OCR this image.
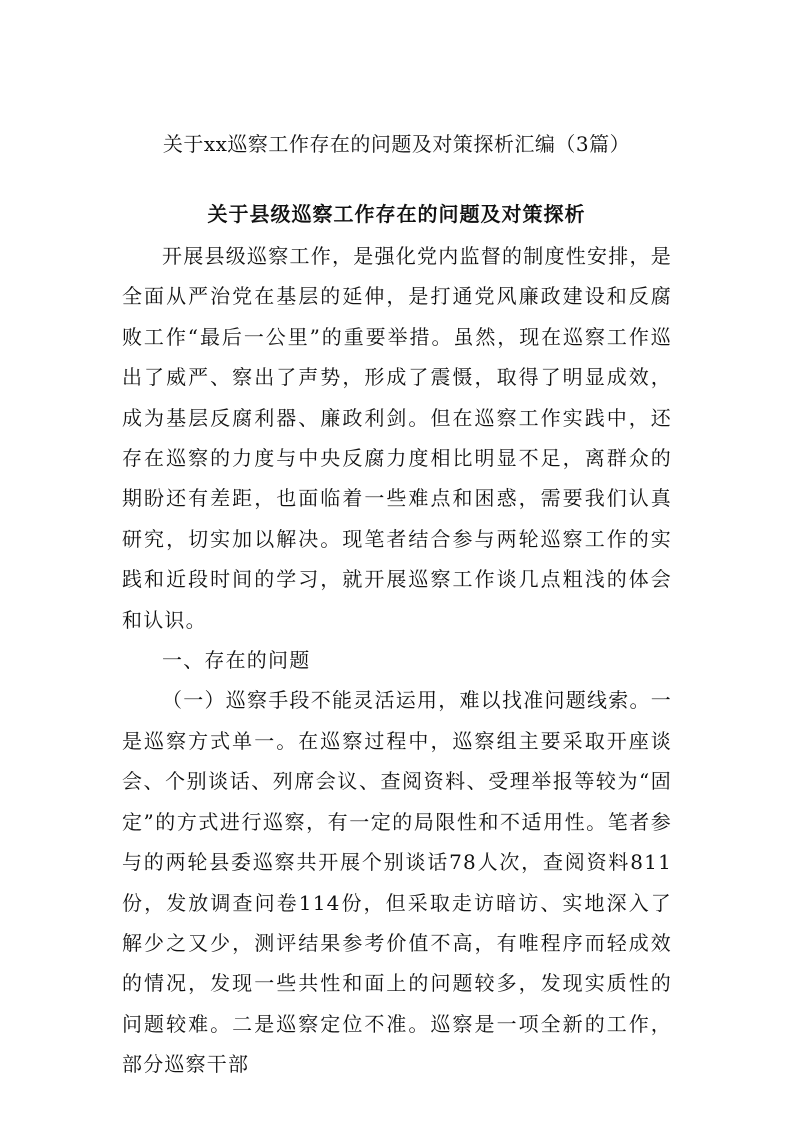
关于xx巡察工作存在的问题及对策探析汇编（3篇）
关于县级巡察工作存在的问题及对策探析

开展县级巡察工作，是强化党内监督的制度性安排，是全面从严治党在基层的延伸，是打通党风廉政建设和反腐败工作“最后一公里”的重要举措。虽然，现在巡察工作巡出了威严、察出了声势，形成了震慑，取得了明显成效，成为基层反腐利器、廉政利剑。但在巡察工作实践中，还存在巡察的力度与中央反腐力度相比明显不足，离群众的期盼还有差距，也面临着一些难点和困惑，需要我们认真研究，切实加以解决。现笔者结合参与两轮巡察工作的实践和近段时间的学习，就开展巡察工作谈几点粗浅的体会和认识。

一、存在的问题

（一）巡察手段不能灵活运用，难以找准问题线索。一是巡察方式单一。在巡察过程中，巡察组主要采取开座谈会、个别谈话、列席会议、查阅资料、受理举报等较为“固定”的方式进行巡察，有一定的局限性和不适用性。笔者参与的两轮县委巡察共开展个别谈话78人次，查阅资料811份，发放调查问卷114份，但采取走访暗访、实地深入了解少之又少，测评结果参考价值不高，有唯程序而轻成效的情况，发现一些共性和面上的问题较多，发现实质性的问题较难。二是巡察定位不准。巡察是一项全新的工作，部分巡察干部
